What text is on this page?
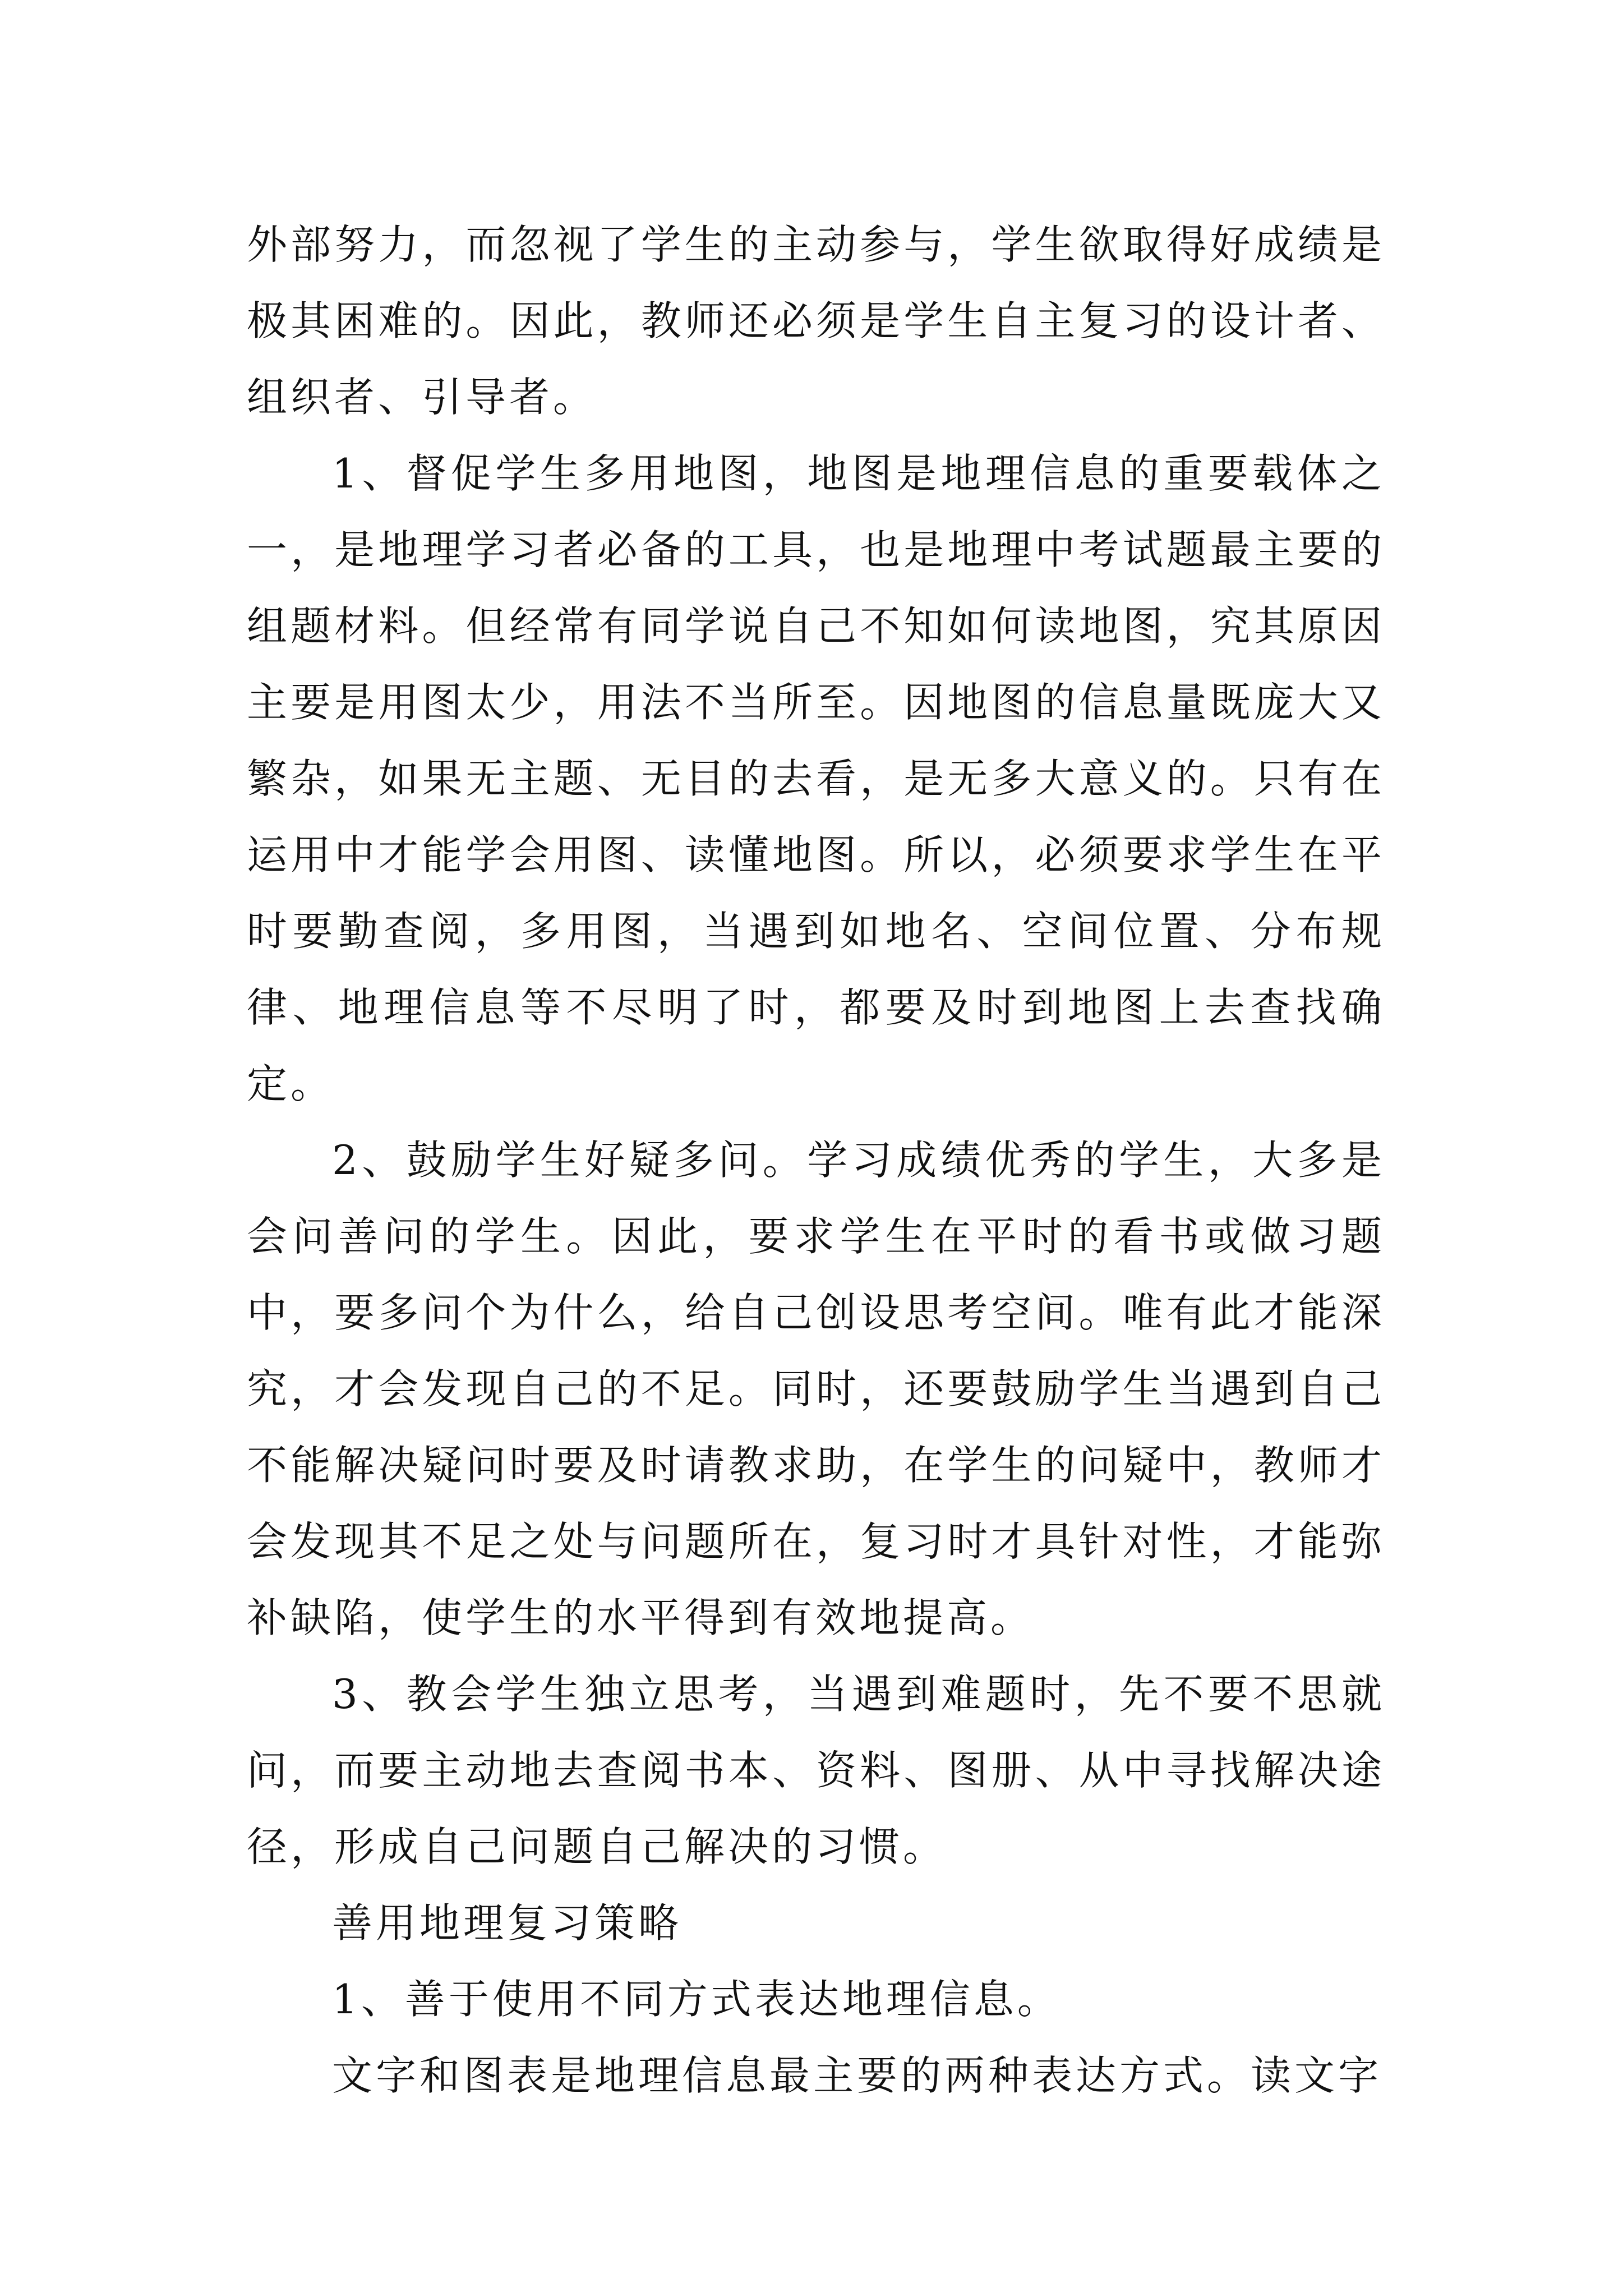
外部努力，而忽视了学生的主动参与，学生欲取得好成绩是极其困难的。因此，教师还必须是学生自主复习的设计者、组织者、引导者。

1、督促学生多用地图，地图是地理信息的重要载体之一，是地理学习者必备的工具，也是地理中考试题最主要的组题材料。但经常有同学说自己不知如何读地图，究其原因主要是用图太少，用法不当所至。因地图的信息量既庞大又繁杂，如果无主题、无目的去看，是无多大意义的。只有在运用中才能学会用图、读懂地图。所以，必须要求学生在平时要勤查阅，多用图，当遇到如地名、空间位置、分布规律、地理信息等不尽明了时，都要及时到地图上去查找确定。

2、鼓励学生好疑多问。学习成绩优秀的学生，大多是会问善问的学生。因此，要求学生在平时的看书或做习题中，要多问个为什么，给自己创设思考空间。唯有此才能深究，才会发现自己的不足。同时，还要鼓励学生当遇到自己不能解决疑问时要及时请教求助，在学生的问疑中，教师才会发现其不足之处与问题所在，复习时才具针对性，才能弥补缺陷，使学生的水平得到有效地提高。

3、教会学生独立思考，当遇到难题时，先不要不思就问，而要主动地去查阅书本、资料、图册、从中寻找解决途径，形成自己问题自己解决的习惯。

善用地理复习策略

1、善于使用不同方式表达地理信息。

文字和图表是地理信息最主要的两种表达方式。读文字
